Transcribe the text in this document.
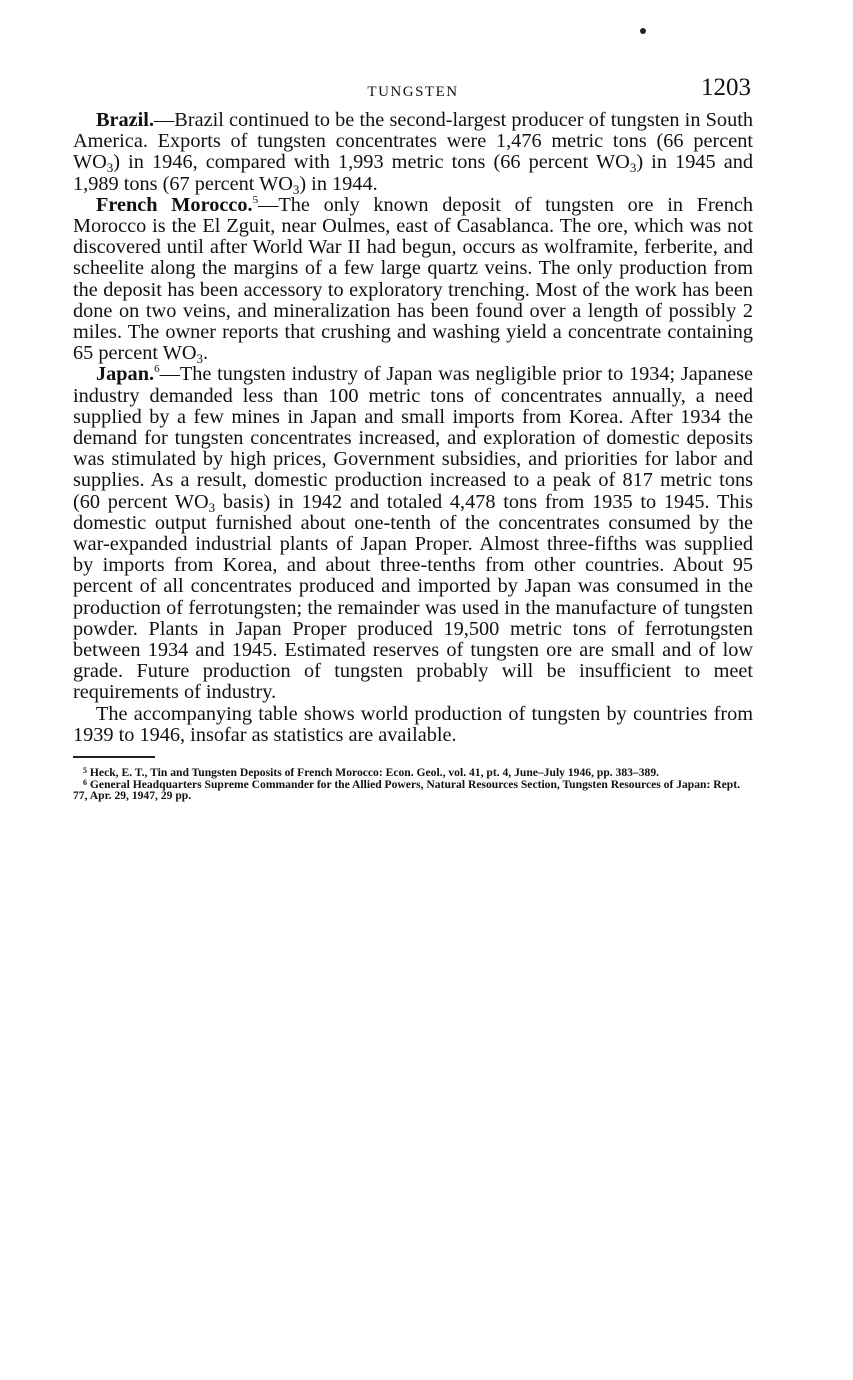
TUNGSTEN	1203

Brazil.—Brazil continued to be the second-largest producer of tungsten in South America. Exports of tungsten concentrates were 1,476 metric tons (66 percent $WO_3$) in 1946, compared with 1,993 metric tons (66 percent $WO_3$) in 1945 and 1,989 tons (67 percent $WO_3$) in 1944.

French Morocco.$^5$—The only known deposit of tungsten ore in French Morocco is the El Zguit, near Oulmes, east of Casablanca. The ore, which was not discovered until after World War II had begun, occurs as wolframite, ferberite, and scheelite along the margins of a few large quartz veins. The only production from the deposit has been accessory to exploratory trenching. Most of the work has been done on two veins, and mineralization has been found over a length of possibly 2 miles. The owner reports that crushing and washing yield a concentrate containing 65 percent $WO_3$.

Japan.$^6$—The tungsten industry of Japan was negligible prior to 1934; Japanese industry demanded less than 100 metric tons of concentrates annually, a need supplied by a few mines in Japan and small imports from Korea. After 1934 the demand for tungsten concentrates increased, and exploration of domestic deposits was stimulated by high prices, Government subsidies, and priorities for labor and supplies. As a result, domestic production increased to a peak of 817 metric tons (60 percent $WO_3$ basis) in 1942 and totaled 4,478 tons from 1935 to 1945. This domestic output furnished about one-tenth of the concentrates consumed by the war-expanded industrial plants of Japan Proper. Almost three-fifths was supplied by imports from Korea, and about three-tenths from other countries. About 95 percent of all concentrates produced and imported by Japan was consumed in the production of ferrotungsten; the remainder was used in the manufacture of tungsten powder. Plants in Japan Proper produced 19,500 metric tons of ferrotungsten between 1934 and 1945. Estimated reserves of tungsten ore are small and of low grade. Future production of tungsten probably will be insufficient to meet requirements of industry.

The accompanying table shows world production of tungsten by countries from 1939 to 1946, insofar as statistics are available.

$^5$ Heck, E. T., Tin and Tungsten Deposits of French Morocco: Econ. Geol., vol. 41, pt. 4, June–July 1946, pp. 383–389.

$^6$ General Headquarters Supreme Commander for the Allied Powers, Natural Resources Section, Tungsten Resources of Japan: Rept. 77, Apr. 29, 1947, 29 pp.
